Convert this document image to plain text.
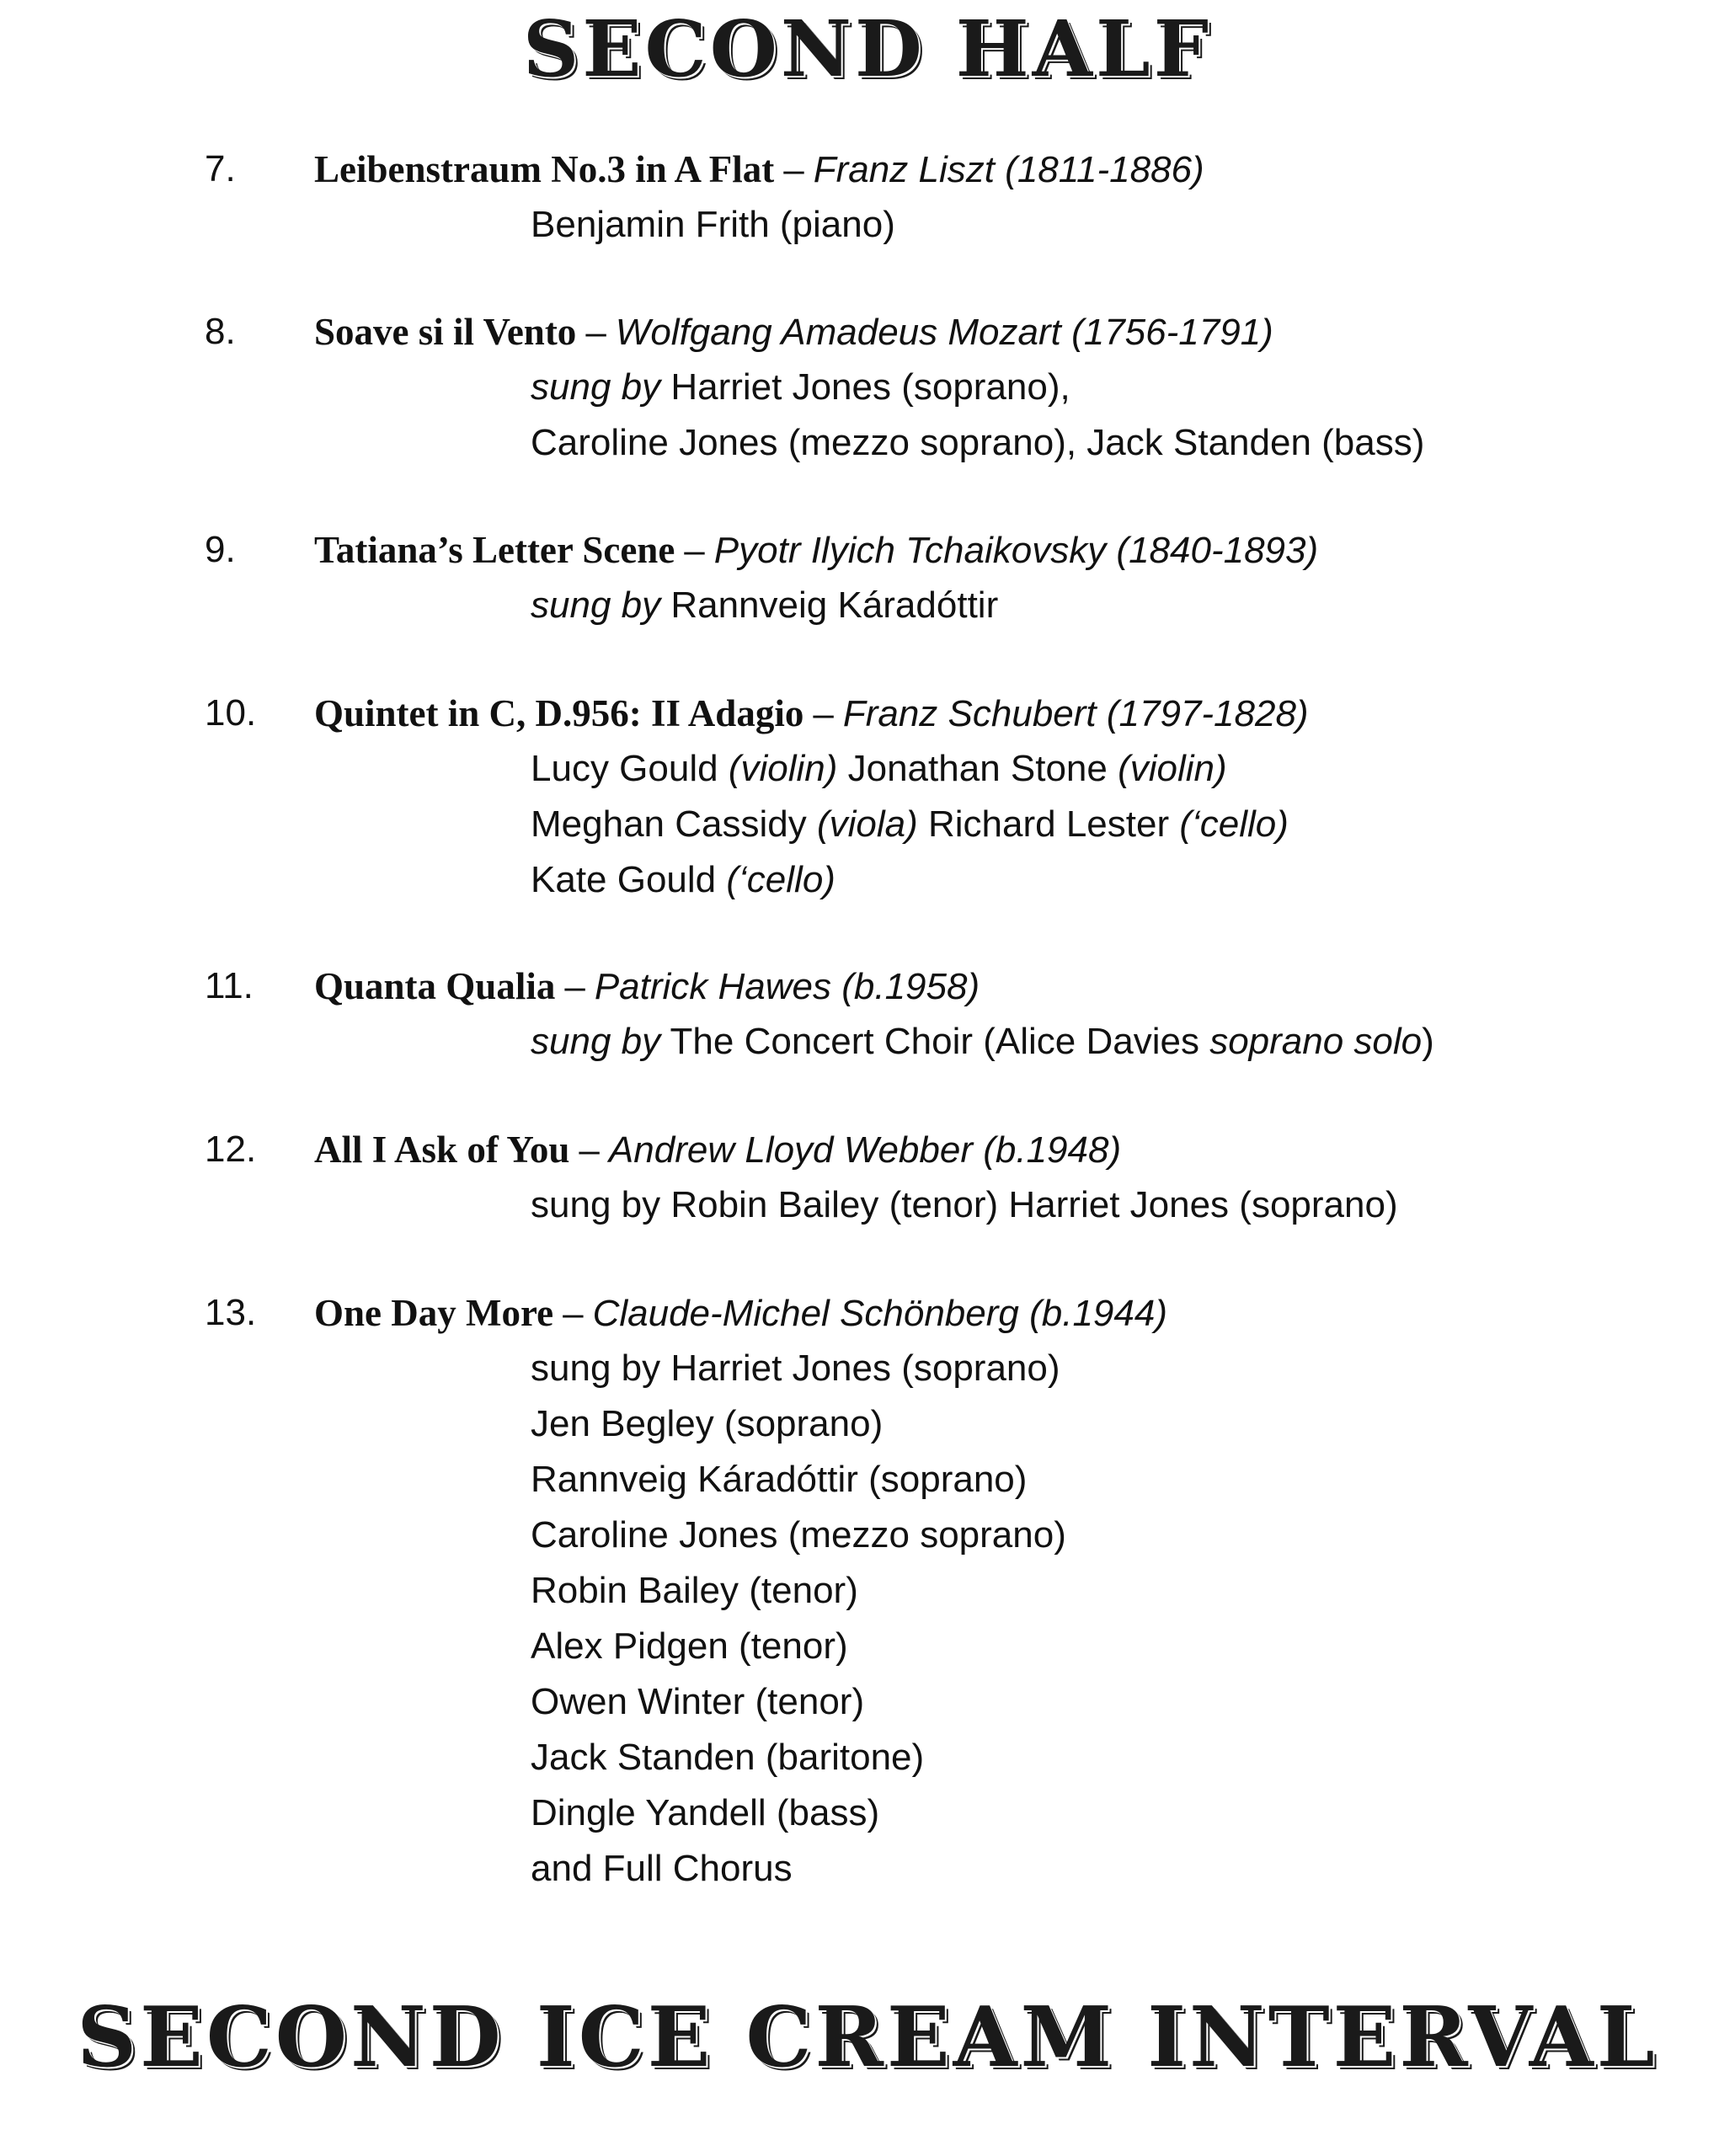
SECOND HALF
7. Leibenstraum No.3 in A Flat – Franz Liszt (1811-1886)
Benjamin Frith (piano)
8. Soave si il Vento – Wolfgang Amadeus Mozart (1756-1791)
sung by Harriet Jones (soprano),
Caroline Jones (mezzo soprano), Jack Standen (bass)
9. Tatiana’s Letter Scene – Pyotr Ilyich Tchaikovsky (1840-1893)
sung by Rannveig Káradóttir
10. Quintet in C, D.956: II Adagio – Franz Schubert (1797-1828)
Lucy Gould (violin) Jonathan Stone (violin)
Meghan Cassidy (viola) Richard Lester (‘cello)
Kate Gould (‘cello)
11. Quanta Qualia – Patrick Hawes (b.1958)
sung by The Concert Choir (Alice Davies soprano solo)
12. All I Ask of You – Andrew Lloyd Webber (b.1948)
sung by Robin Bailey (tenor) Harriet Jones (soprano)
13. One Day More – Claude-Michel Schönberg (b.1944)
sung by Harriet Jones (soprano)
Jen Begley (soprano)
Rannveig Káradóttir (soprano)
Caroline Jones (mezzo soprano)
Robin Bailey (tenor)
Alex Pidgen (tenor)
Owen Winter (tenor)
Jack Standen (baritone)
Dingle Yandell (bass)
and Full Chorus
SECOND ICE CREAM INTERVAL
